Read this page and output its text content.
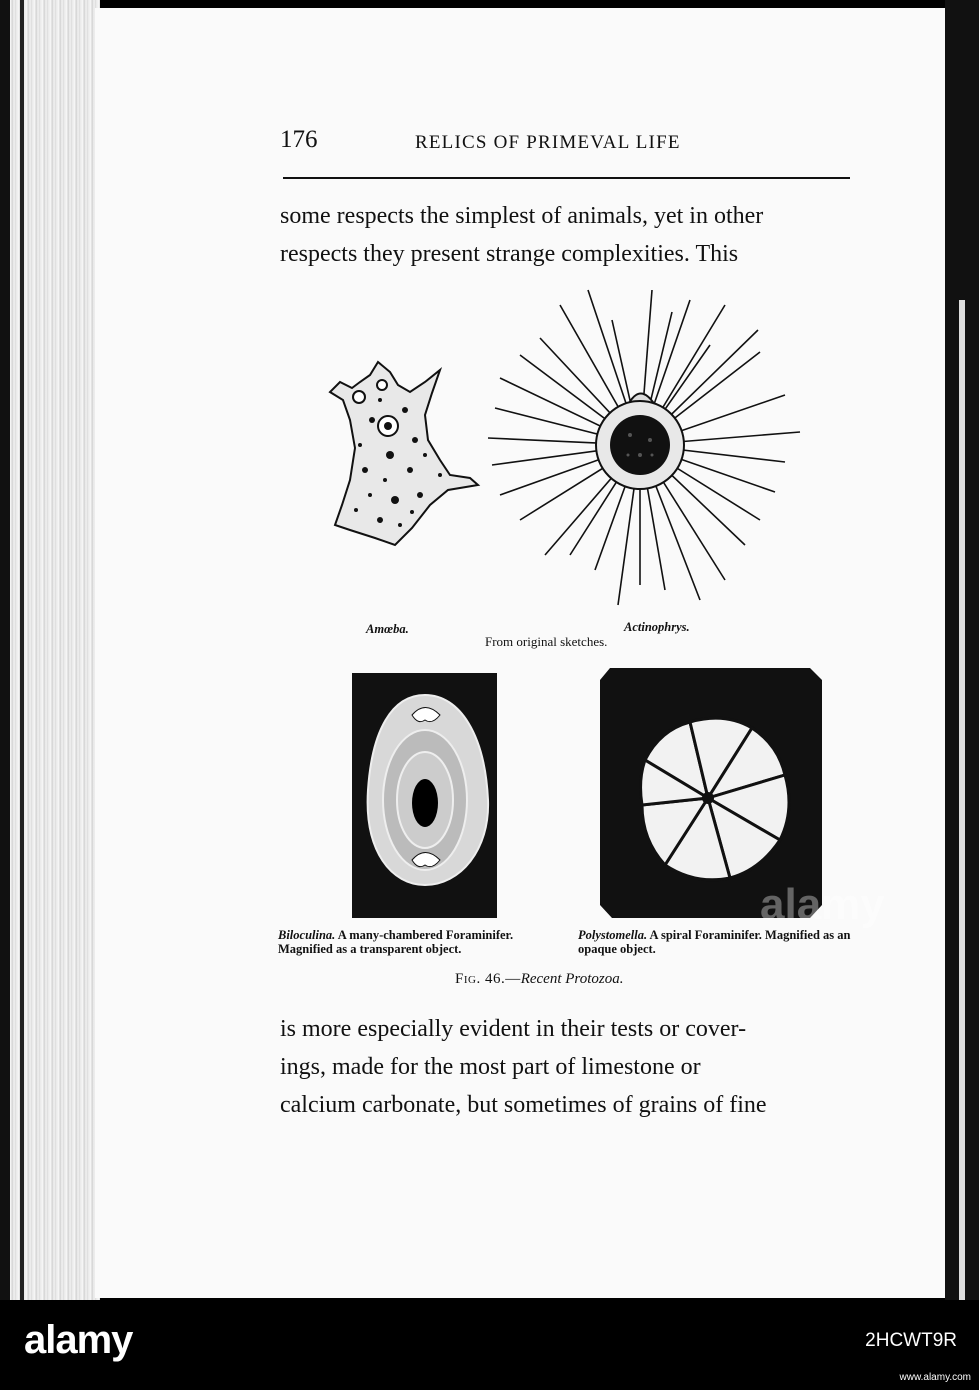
176	RELICS OF PRIMEVAL LIFE
some respects the simplest of animals, yet in other
respects they present strange complexities. This
Amœba.	Actinophrys.
From original sketches.
Biloculina. A many-chambered Foraminifer. Magnified as a transparent object.
Polystomella. A spiral Foraminifer. Magnified as an opaque object.
Fig. 46.—Recent Protozoa.
is more especially evident in their tests or cover-
ings, made for the most part of limestone or
calcium carbonate, but sometimes of grains of fine
alamy
alamy
www.alamy.com
2HCWT9R
